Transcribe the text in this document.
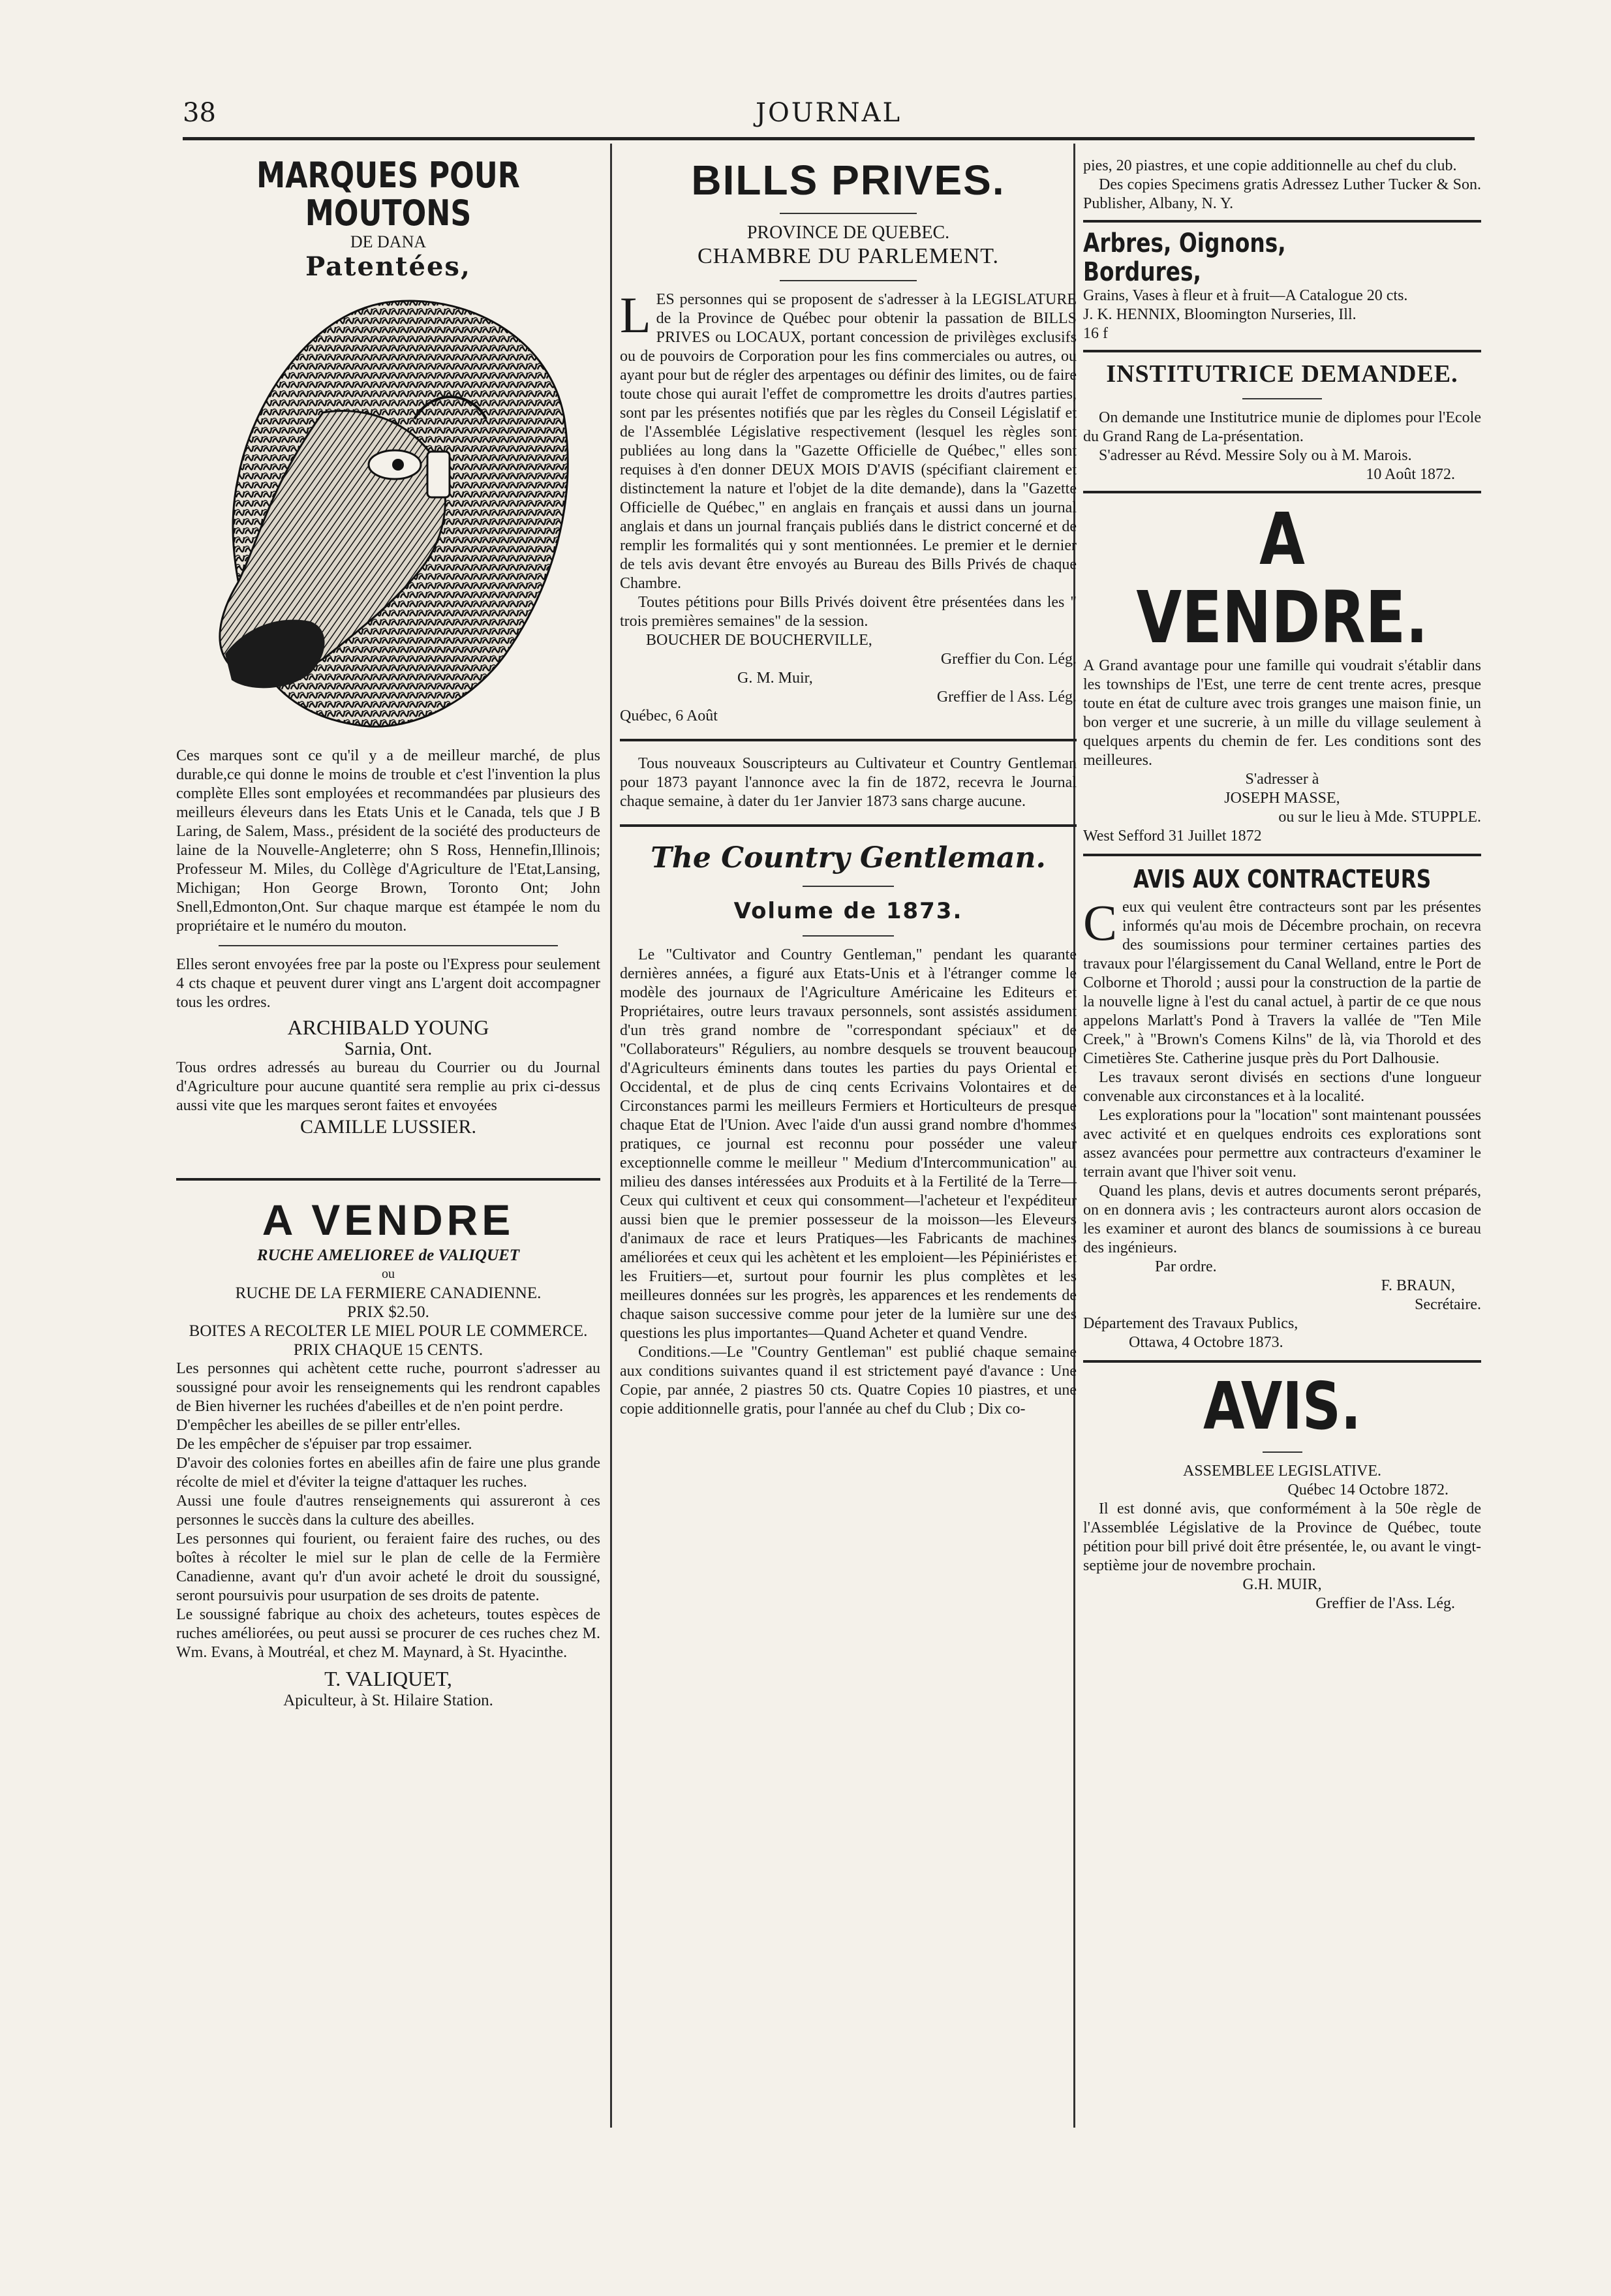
38	JOURNAL
MARQUES POUR MOUTONS
DE DANA
Patentées,

Ces marques sont ce qu'il y a de meilleur marché, de plus durable,ce qui donne le moins de trouble et c'est l'invention la plus complète Elles sont employées et recommandées par plusieurs des meilleurs éleveurs dans les Etats Unis et le Canada, tels que J B Laring, de Salem, Mass., président de la société des producteurs de laine de la Nouvelle-Angleterre; ohn S Ross, Hennefin,Illinois; Professeur M. Miles, du Collège d'Agriculture de l'Etat,Lansing, Michigan; Hon George Brown, Toronto Ont; John Snell,Edmonton,Ont. Sur chaque marque est étampée le nom du propriétaire et le numéro du mouton.

Elles seront envoyées free par la poste ou l'Express pour seulement 4 cts chaque et peuvent durer vingt ans L'argent doit accompagner tous les ordres.

ARCHIBALD YOUNG
Sarnia, Ont.

Tous ordres adressés au bureau du Courrier ou du Journal d'Agriculture pour aucune quantité sera remplie au prix ci-dessus aussi vite que les marques seront faites et envoyées

CAMILLE LUSSIER.
A VENDRE
RUCHE AMELIOREE de VALIQUET
ou
RUCHE DE LA FERMIERE CANADIENNE.
PRIX $2.50.
BOITES A RECOLTER LE MIEL POUR LE COMMERCE.
PRIX CHAQUE 15 CENTS.

Les personnes qui achètent cette ruche, pourront s'adresser au soussigné pour avoir les renseignements qui les rendront capables de Bien hiverner les ruchées d'abeilles et de n'en point perdre.

D'empêcher les abeilles de se piller entr'elles.

De les empêcher de s'épuiser par trop essaimer.

D'avoir des colonies fortes en abeilles afin de faire une plus grande récolte de miel et d'éviter la teigne d'attaquer les ruches.

Aussi une foule d'autres renseignements qui assureront à ces personnes le succès dans la culture des abeilles.

Les personnes qui fourient, ou feraient faire des ruches, ou des boîtes à récolter le miel sur le plan de celle de la Fermière Canadienne, avant qu'r d'un avoir acheté le droit du soussigné, seront poursuivis pour usurpation de ses droits de patente.

Le soussigné fabrique au choix des acheteurs, toutes espèces de ruches améliorées, ou peut aussi se procurer de ces ruches chez M. Wm. Evans, à Moutréal, et chez M. Maynard, à St. Hyacinthe.

T. VALIQUET,
Apiculteur, à St. Hilaire Station.
BILLS PRIVES.
PROVINCE DE QUEBEC.
CHAMBRE DU PARLEMENT.

LES personnes qui se proposent de s'adresser à la LEGISLATURE de la Province de Québec pour obtenir la passation de BILLS PRIVES ou LOCAUX, portant concession de privilèges exclusifs ou de pouvoirs de Corporation pour les fins commerciales ou autres, ou ayant pour but de régler des arpentages ou définir des limites, ou de faire toute chose qui aurait l'effet de compromettre les droits d'autres parties, sont par les présentes notifiés que par les règles du Conseil Législatif et de l'Assemblée Législative respectivement (lesquel les règles sont publiées au long dans la "Gazette Officielle de Québec," elles sont requises à d'en donner DEUX MOIS D'AVIS (spécifiant clairement et distinctement la nature et l'objet de la dite demande), dans la "Gazette Officielle de Québec," en anglais en français et aussi dans un journal anglais et dans un journal français publiés dans le district concerné et de remplir les formalités qui y sont mentionnées. Le premier et le dernier de tels avis devant être envoyés au Bureau des Bills Privés de chaque Chambre.

Toutes pétitions pour Bills Privés doivent être présentées dans les " trois premières semaines" de la session.

BOUCHER DE BOUCHERVILLE,
Greffier du Con. Lég.
G. M. Muir,
Greffier de l Ass. Lég.
Québec, 6 Août

Tous nouveaux Souscripteurs au Cultivateur et Country Gentleman pour 1873 payant l'annonce avec la fin de 1872, recevra le Journal chaque semaine, à dater du 1er Janvier 1873 sans charge aucune.

The Country Gentleman.
Volume de 1873.

Le "Cultivator and Country Gentleman," pendant les quarante dernières années, a figuré aux Etats-Unis et à l'étranger comme le modèle des journaux de l'Agriculture Américaine les Editeurs et Propriétaires, outre leurs travaux personnels, sont assistés assidument d'un très grand nombre de "correspondant spéciaux" et de "Collaborateurs" Réguliers, au nombre desquels se trouvent beaucoup d'Agriculteurs éminents dans toutes les parties du pays Oriental et Occidental, et de plus de cinq cents Ecrivains Volontaires et de Circonstances parmi les meilleurs Fermiers et Horticulteurs de presque chaque Etat de l'Union. Avec l'aide d'un aussi grand nombre d'hommes pratiques, ce journal est reconnu pour posséder une valeur exceptionnelle comme le meilleur " Medium d'Intercommunication" au milieu des danses intéressées aux Produits et à la Fertilité de la Terre—Ceux qui cultivent et ceux qui consomment—l'acheteur et l'expéditeur aussi bien que le premier possesseur de la moisson—les Eleveurs d'animaux de race et leurs Pratiques—les Fabricants de machines améliorées et ceux qui les achètent et les emploient—les Pépiniéristes et les Fruitiers—et, surtout pour fournir les plus complètes et les meilleures données sur les progrès, les apparences et les rendements de chaque saison successive comme pour jeter de la lumière sur une des questions les plus importantes—Quand Acheter et quand Vendre.

Conditions.—Le "Country Gentleman" est publié chaque semaine aux conditions suivantes quand il est strictement payé d'avance : Une Copie, par année, 2 piastres 50 cts. Quatre Copies 10 piastres, et une copie additionnelle gratis, pour l'année au chef du Club ; Dix co-

pies, 20 piastres, et une copie additionnelle au chef du club.

Des copies Specimens gratis Adressez Luther Tucker & Son. Publisher, Albany, N. Y.

Arbres, Oignons, Bordures,

Grains, Vases à fleur et à fruit—A Catalogue 20 cts.

J. K. HENNIX, Bloomington Nurseries, Ill.

16 f
INSTITUTRICE DEMANDEE.

On demande une Institutrice munie de diplomes pour l'Ecole du Grand Rang de La-présentation.

S'adresser au Révd. Messire Soly ou à M. Marois.

10 Août 1872.
A VENDRE.

A Grand avantage pour une famille qui voudrait s'établir dans les townships de l'Est, une terre de cent trente acres, presque toute en état de culture avec trois granges une maison finie, un bon verger et une sucrerie, à un mille du village seulement à quelques arpents du chemin de fer. Les conditions sont des meilleures.

S'adresser à
JOSEPH MASSE,
ou sur le lieu à Mde. STUPPLE.
West Sefford 31 Juillet 1872
AVIS AUX CONTRACTEURS

Ceux qui veulent être contracteurs sont par les présentes informés qu'au mois de Décembre prochain, on recevra des soumissions pour terminer certaines parties des travaux pour l'élargissement du Canal Welland, entre le Port de Colborne et Thorold ; aussi pour la construction de la partie de la nouvelle ligne à l'est du canal actuel, à partir de ce que nous appelons Marlatt's Pond à Travers la vallée de "Ten Mile Creek," à "Brown's Comens Kilns" de là, via Thorold et des Cimetières Ste. Catherine jusque près du Port Dalhousie.

Les travaux seront divisés en sections d'une longueur convenable aux circonstances et à la localité.

Les explorations pour la "location" sont maintenant poussées avec activité et en quelques endroits ces explorations sont assez avancées pour permettre aux contracteurs d'examiner le terrain avant que l'hiver soit venu.

Quand les plans, devis et autres documents seront préparés, on en donnera avis ; les contracteurs auront alors occasion de les examiner et auront des blancs de soumissions à ce bureau des ingénieurs.

Par ordre.
F. BRAUN,
Secrétaire.
Département des Travaux Publics,
Ottawa, 4 Octobre 1873.
AVIS.
ASSEMBLEE LEGISLATIVE.
Québec 14 Octobre 1872.

Il est donné avis, que conformément à la 50e règle de l'Assemblée Législative de la Province de Québec, toute pétition pour bill privé doit être présentée, le, ou avant le vingt-septième jour de novembre prochain.

G.H. MUIR,
Greffier de l'Ass. Lég.
